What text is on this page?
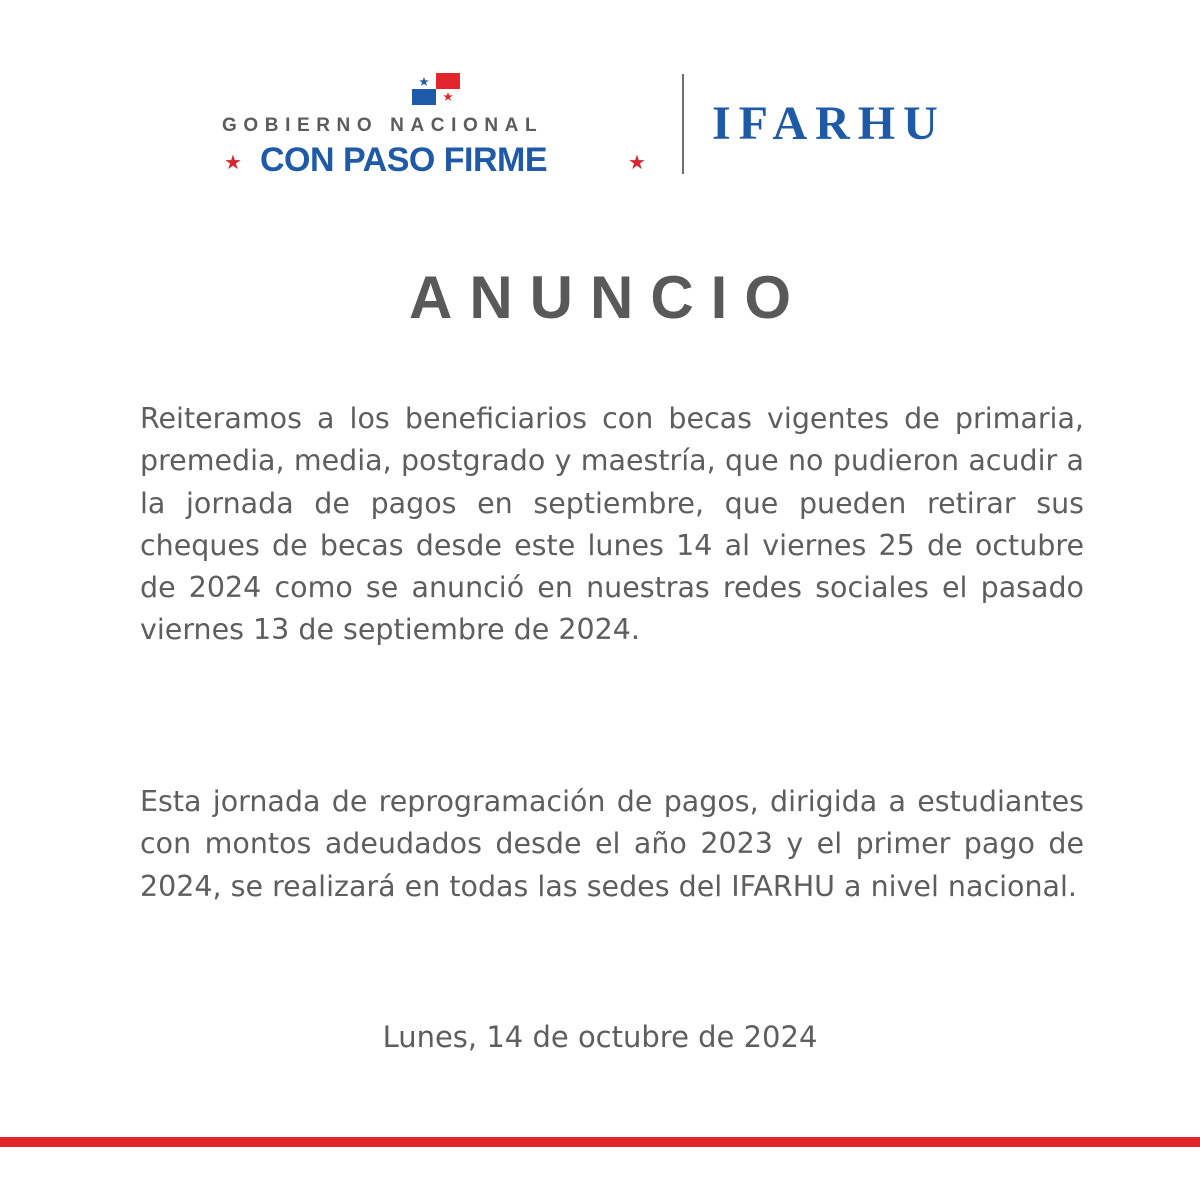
GOBIERNO NACIONAL
★ CON PASO FIRME	★
IFARHU
ANUNCIO
Reiteramos a los beneficiarios con becas vigentes de primaria, premedia, media, postgrado y maestría, que no pudieron acudir a la jornada de pagos en septiembre, que pueden retirar sus cheques de becas desde este lunes 14 al viernes 25 de octubre de 2024 como se anunció en nuestras redes sociales el pasado viernes 13 de septiembre de 2024.
Esta jornada de reprogramación de pagos, dirigida a estudiantes con montos adeudados desde el año 2023 y el primer pago de 2024, se realizará en todas las sedes del IFARHU a nivel nacional.
Lunes, 14 de octubre de 2024
